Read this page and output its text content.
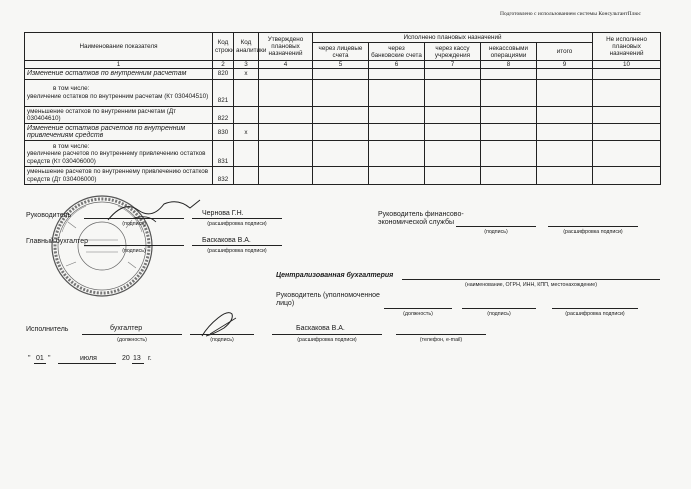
Подготовлено с использованием системы КонсультантПлюс
Наименование показателя	Код строки	Код аналитики	Утверждено плановых назначений	Исполнено плановых назначений					Не исполнено плановых назначений
				через лицевые счета	через банковские счета	через кассу учреждения	некассовыми операциями	итого	
1	2	3	4	5	6	7	8	9	10
Изменение остатков по внутренним расчетам	820	x							

в том числе:
увеличение остатков по внутренним расчетам (Кт 030404510)	821								
уменьшение остатков по внутренним расчетам (Дт 030404610)	822								
Изменение остатков расчетов по внутренним привлечениям средств	830	x							

в том числе:
увеличение расчетов по внутреннему привлечению остатков средств (Кт 030406000)	831								
уменьшение расчетов по внутреннему привлечению остатков средств (Дт 030406000)	832								
Руководитель
(подпись)
Чернова Г.Н.
(расшифровка подписи)
Главный бухгалтер
(подпись)
Баскакова В.А.
(расшифровка подписи)
Руководитель финансово-экономической службы
(подпись)	(расшифровка подписи)
Централизованная бухгалтерия
(наименование, ОГРН, ИНН, КПП, местонахождение)
Руководитель (уполномоченное лицо)
(должность)	(подпись)	(расшифровка подписи)
Исполнитель	бухгалтер
(должность)	(подпись)
Баскакова В.А.
(расшифровка подписи)	(телефон, e-mail)
" 01 "	июля	20 13 г.
